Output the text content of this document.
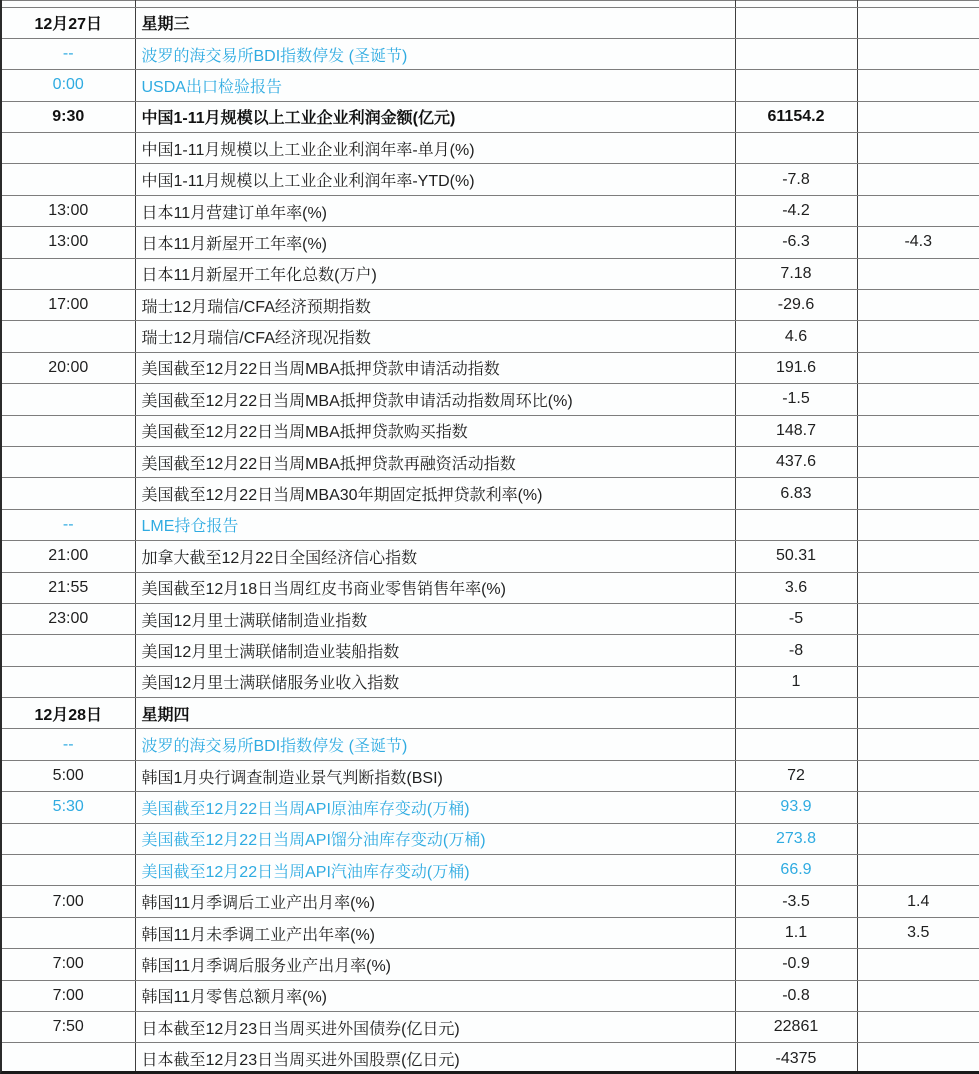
12月27日	星期三		
--	波罗的海交易所BDI指数停发 (圣诞节)		
0:00	USDA出口检验报告		
9:30	中国1-11月规模以上工业企业利润金额(亿元)	61154.2	
	中国1-11月规模以上工业企业利润年率-单月(%)		
	中国1-11月规模以上工业企业利润年率-YTD(%)	-7.8	
13:00	日本11月营建订单年率(%)	-4.2	
13:00	日本11月新屋开工年率(%)	-6.3	-4.3
	日本11月新屋开工年化总数(万户)	7.18	
17:00	瑞士12月瑞信/CFA经济预期指数	-29.6	
	瑞士12月瑞信/CFA经济现况指数	4.6	
20:00	美国截至12月22日当周MBA抵押贷款申请活动指数	191.6	
	美国截至12月22日当周MBA抵押贷款申请活动指数周环比(%)	-1.5	
	美国截至12月22日当周MBA抵押贷款购买指数	148.7	
	美国截至12月22日当周MBA抵押贷款再融资活动指数	437.6	
	美国截至12月22日当周MBA30年期固定抵押贷款利率(%)	6.83	
--	LME持仓报告		
21:00	加拿大截至12月22日全国经济信心指数	50.31	
21:55	美国截至12月18日当周红皮书商业零售销售年率(%)	3.6	
23:00	美国12月里士满联储制造业指数	-5	
	美国12月里士满联储制造业装船指数	-8	
	美国12月里士满联储服务业收入指数	1	
12月28日	星期四		
--	波罗的海交易所BDI指数停发 (圣诞节)		
5:00	韩国1月央行调查制造业景气判断指数(BSI)	72	
5:30	美国截至12月22日当周API原油库存变动(万桶)	93.9	
	美国截至12月22日当周API馏分油库存变动(万桶)	273.8	
	美国截至12月22日当周API汽油库存变动(万桶)	66.9	
7:00	韩国11月季调后工业产出月率(%)	-3.5	1.4
	韩国11月未季调工业产出年率(%)	1.1	3.5
7:00	韩国11月季调后服务业产出月率(%)	-0.9	
7:00	韩国11月零售总额月率(%)	-0.8	
7:50	日本截至12月23日当周买进外国债券(亿日元)	22861	
	日本截至12月23日当周买进外国股票(亿日元)	-4375	
